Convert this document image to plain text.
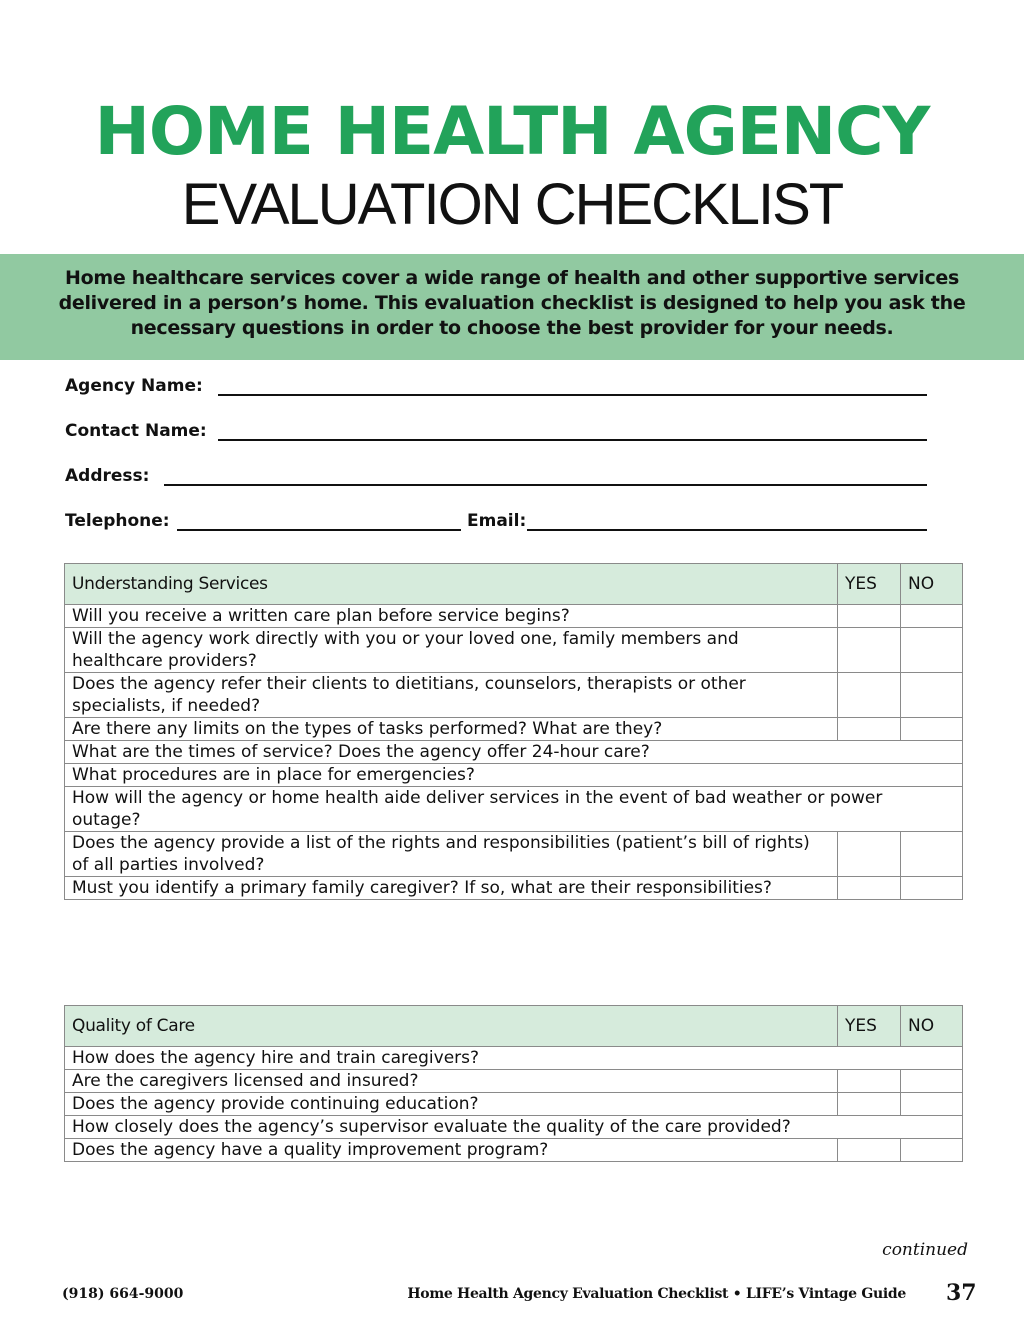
HOME HEALTH AGENCY
EVALUATION CHECKLIST
Home healthcare services cover a wide range of health and other supportive services delivered in a person’s home. This evaluation checklist is designed to help you ask the necessary questions in order to choose the best provider for your needs.
Agency Name:
Contact Name:
Address:
Telephone:	Email:
Understanding Services	YES	NO
Will you receive a written care plan before service begins?		
Will the agency work directly with you or your loved one, family members and healthcare providers?		
Does the agency refer their clients to dietitians, counselors, therapists or other specialists, if needed?		
Are there any limits on the types of tasks performed? What are they?		
What are the times of service? Does the agency offer 24-hour care?		
What procedures are in place for emergencies?		
How will the agency or home health aide deliver services in the event of bad weather or power outage?		
Does the agency provide a list of the rights and responsibilities (patient’s bill of rights) of all parties involved?		
Must you identify a primary family caregiver? If so, what are their responsibilities?		
Quality of Care	YES	NO
How does the agency hire and train caregivers?		
Are the caregivers licensed and insured?		
Does the agency provide continuing education?		
How closely does the agency’s supervisor evaluate the quality of the care provided?		
Does the agency have a quality improvement program?		
continued
(918) 664-9000	Home Health Agency Evaluation Checklist • LIFE’s Vintage Guide 37
